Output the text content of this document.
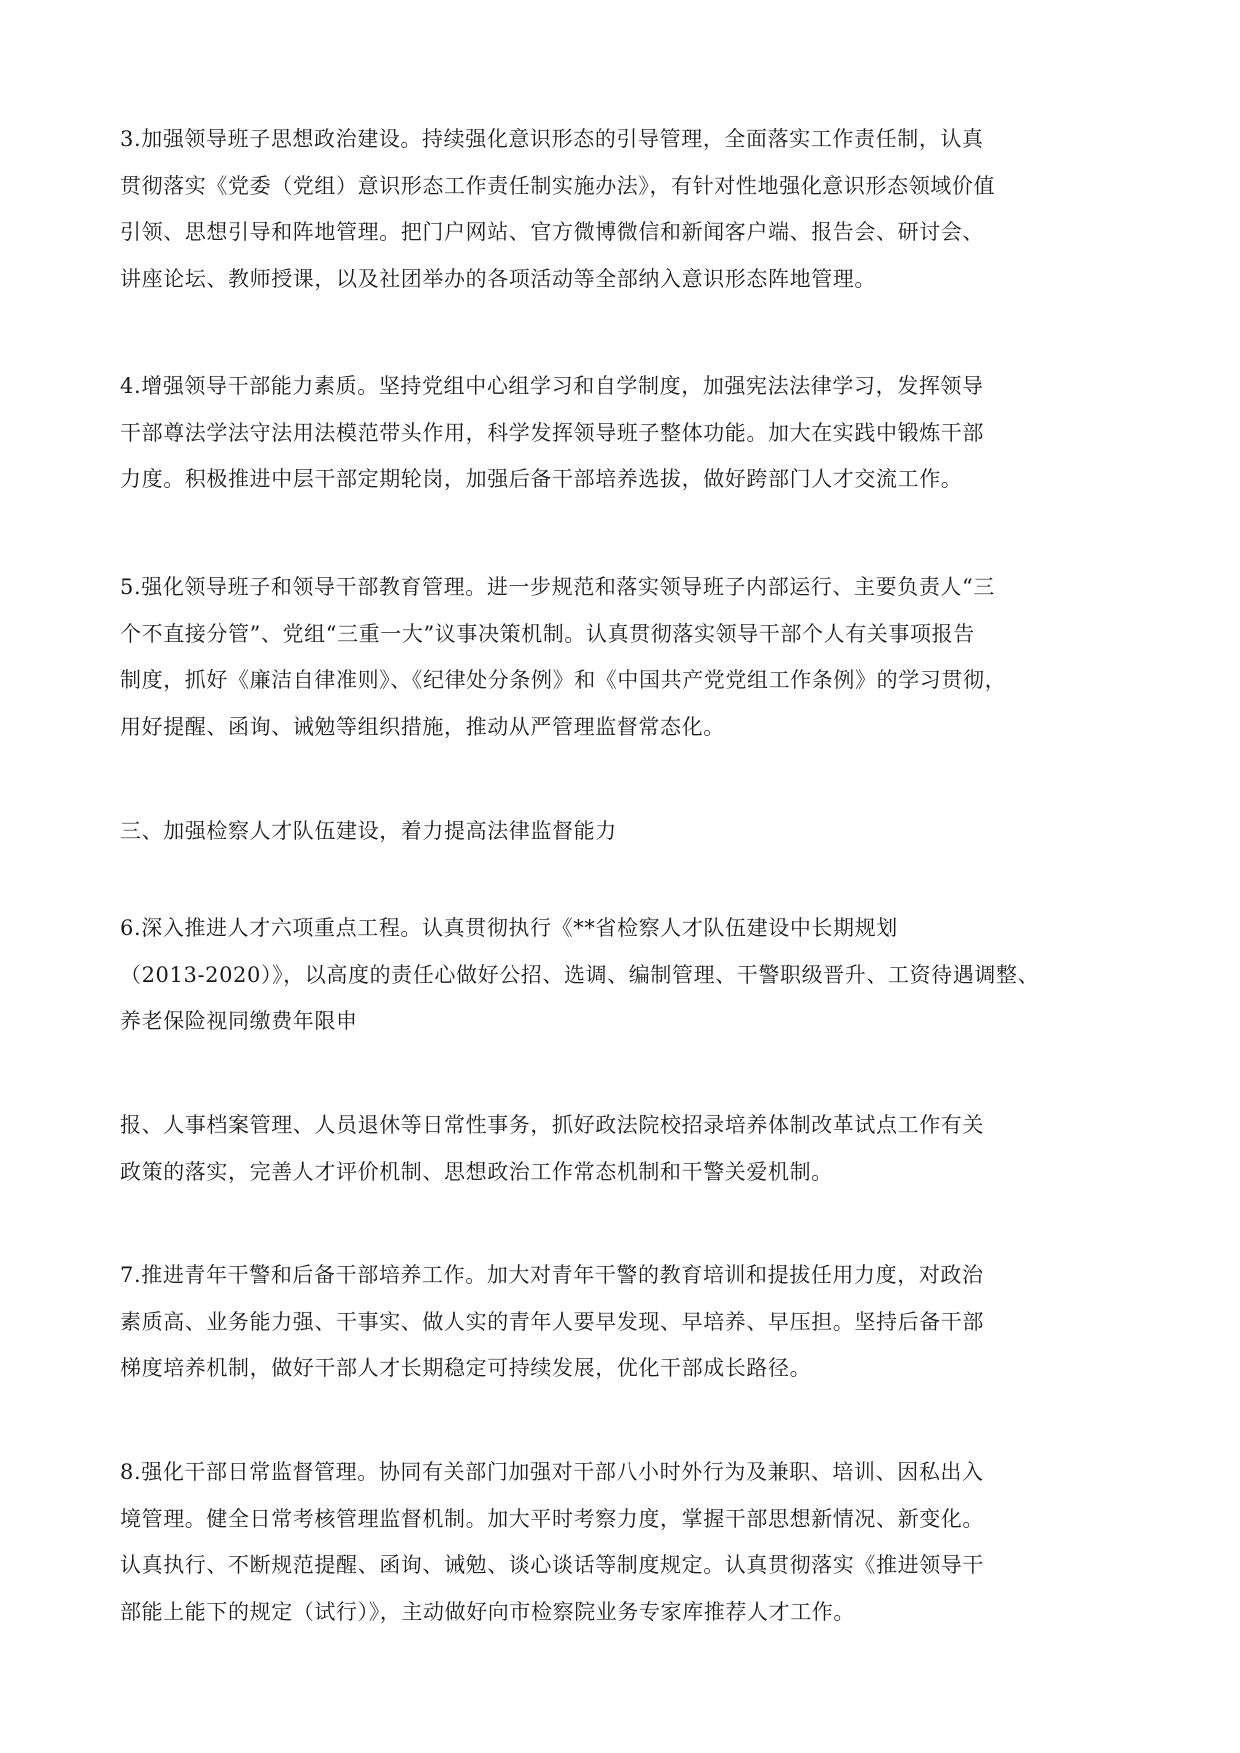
3.加强领导班子思想政治建设。持续强化意识形态的引导管理，全面落实工作责任制，认真
贯彻落实《党委（党组）意识形态工作责任制实施办法》，有针对性地强化意识形态领域价值
引领、思想引导和阵地管理。把门户网站、官方微博微信和新闻客户端、报告会、研讨会、
讲座论坛、教师授课，以及社团举办的各项活动等全部纳入意识形态阵地管理。

4.增强领导干部能力素质。坚持党组中心组学习和自学制度，加强宪法法律学习，发挥领导
干部尊法学法守法用法模范带头作用，科学发挥领导班子整体功能。加大在实践中锻炼干部
力度。积极推进中层干部定期轮岗，加强后备干部培养选拔，做好跨部门人才交流工作。

5.强化领导班子和领导干部教育管理。进一步规范和落实领导班子内部运行、主要负责人“三
个不直接分管”、党组“三重一大”议事决策机制。认真贯彻落实领导干部个人有关事项报告
制度，抓好《廉洁自律准则》、《纪律处分条例》和《中国共产党党组工作条例》的学习贯彻，
用好提醒、函询、诫勉等组织措施，推动从严管理监督常态化。

三、加强检察人才队伍建设，着力提高法律监督能力

6.深入推进人才六项重点工程。认真贯彻执行《**省检察人才队伍建设中长期规划
（2013-2020）》，以高度的责任心做好公招、选调、编制管理、干警职级晋升、工资待遇调整、
养老保险视同缴费年限申

报、人事档案管理、人员退休等日常性事务，抓好政法院校招录培养体制改革试点工作有关
政策的落实，完善人才评价机制、思想政治工作常态机制和干警关爱机制。

7.推进青年干警和后备干部培养工作。加大对青年干警的教育培训和提拔任用力度，对政治
素质高、业务能力强、干事实、做人实的青年人要早发现、早培养、早压担。坚持后备干部
梯度培养机制，做好干部人才长期稳定可持续发展，优化干部成长路径。

8.强化干部日常监督管理。协同有关部门加强对干部八小时外行为及兼职、培训、因私出入
境管理。健全日常考核管理监督机制。加大平时考察力度，掌握干部思想新情况、新变化。
认真执行、不断规范提醒、函询、诫勉、谈心谈话等制度规定。认真贯彻落实《推进领导干
部能上能下的规定（试行）》，主动做好向市检察院业务专家库推荐人才工作。
